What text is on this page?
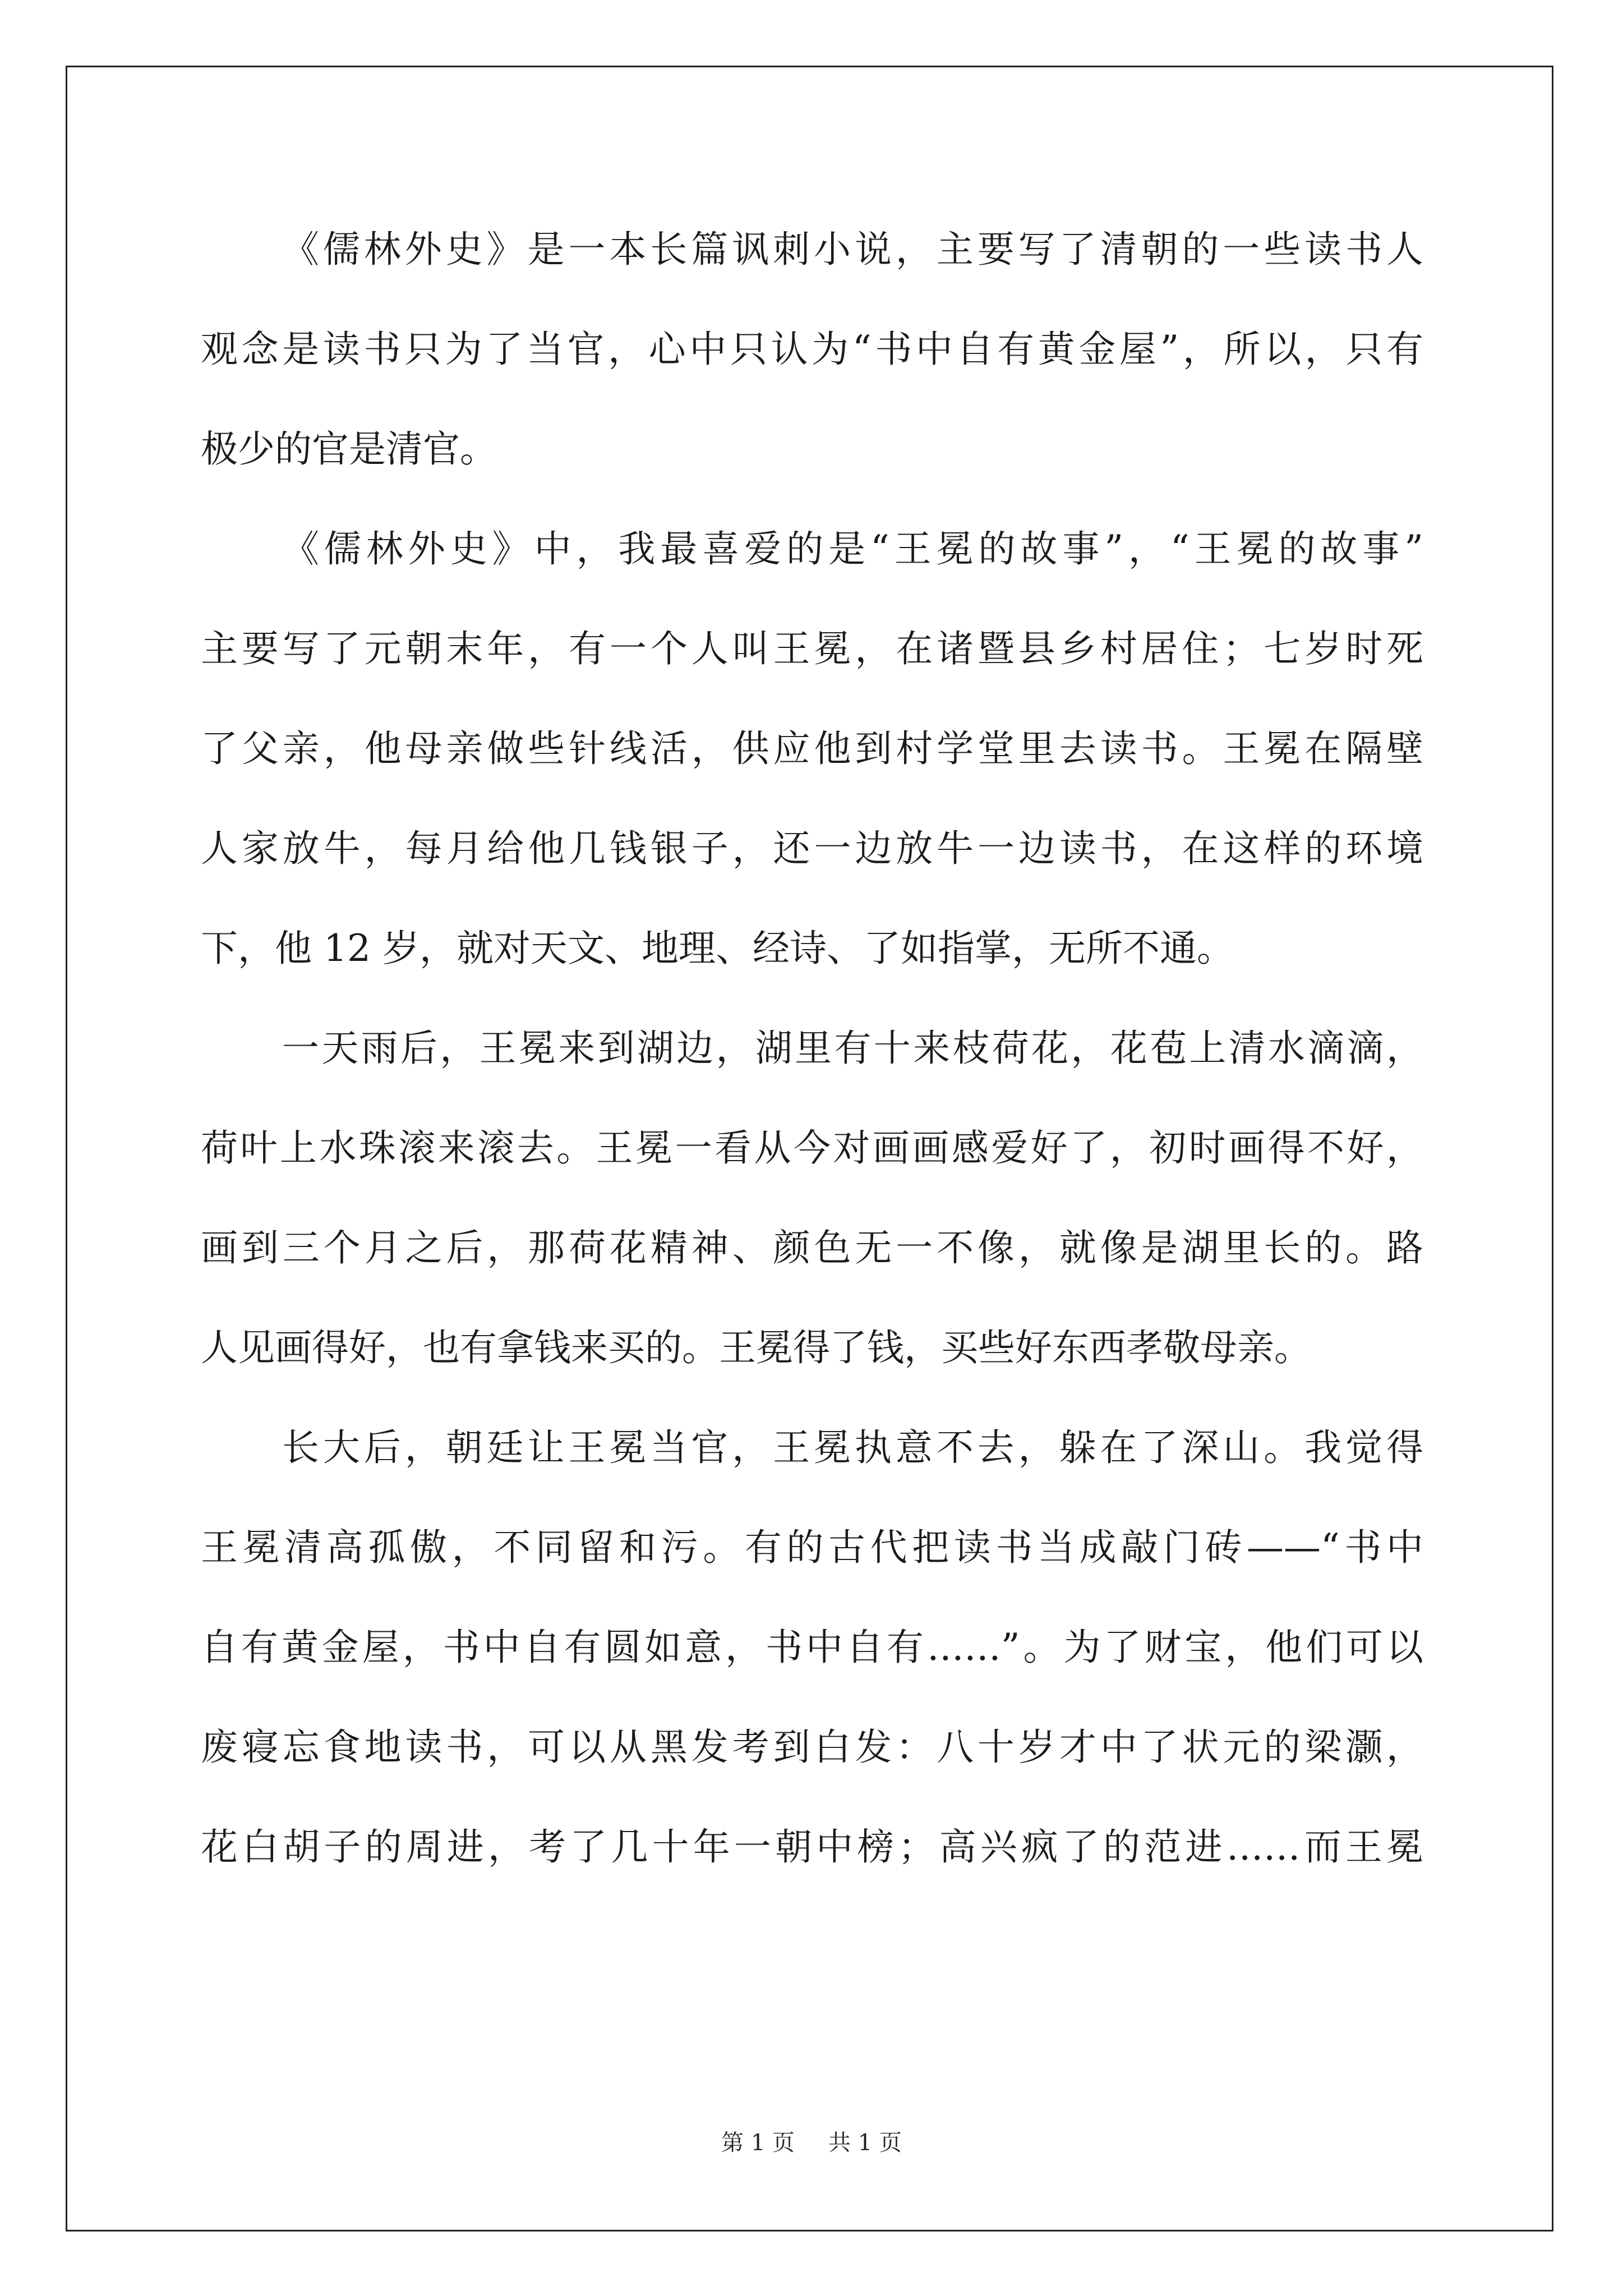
《儒林外史》是一本长篇讽刺小说，主要写了清朝的一些读书人
观念是读书只为了当官，心中只认为“书中自有黄金屋”，所以，只有
极少的官是清官。
《儒林外史》中，我最喜爱的是“王冕的故事”，“王冕的故事”
主要写了元朝末年，有一个人叫王冕，在诸暨县乡村居住；七岁时死
了父亲，他母亲做些针线活，供应他到村学堂里去读书。王冕在隔壁
人家放牛，每月给他几钱银子，还一边放牛一边读书，在这样的环境
下，他 12 岁，就对天文、地理、经诗、了如指掌，无所不通。
一天雨后，王冕来到湖边，湖里有十来枝荷花，花苞上清水滴滴，
荷叶上水珠滚来滚去。王冕一看从今对画画感爱好了，初时画得不好，
画到三个月之后，那荷花精神、颜色无一不像，就像是湖里长的。路
人见画得好，也有拿钱来买的。王冕得了钱，买些好东西孝敬母亲。
长大后，朝廷让王冕当官，王冕执意不去，躲在了深山。我觉得
王冕清高孤傲，不同留和污。有的古代把读书当成敲门砖——“书中
自有黄金屋，书中自有圆如意，书中自有……”。为了财宝，他们可以
废寝忘食地读书，可以从黑发考到白发：八十岁才中了状元的梁灏，
花白胡子的周进，考了几十年一朝中榜；高兴疯了的范进……而王冕
第 1 页 共 1 页
